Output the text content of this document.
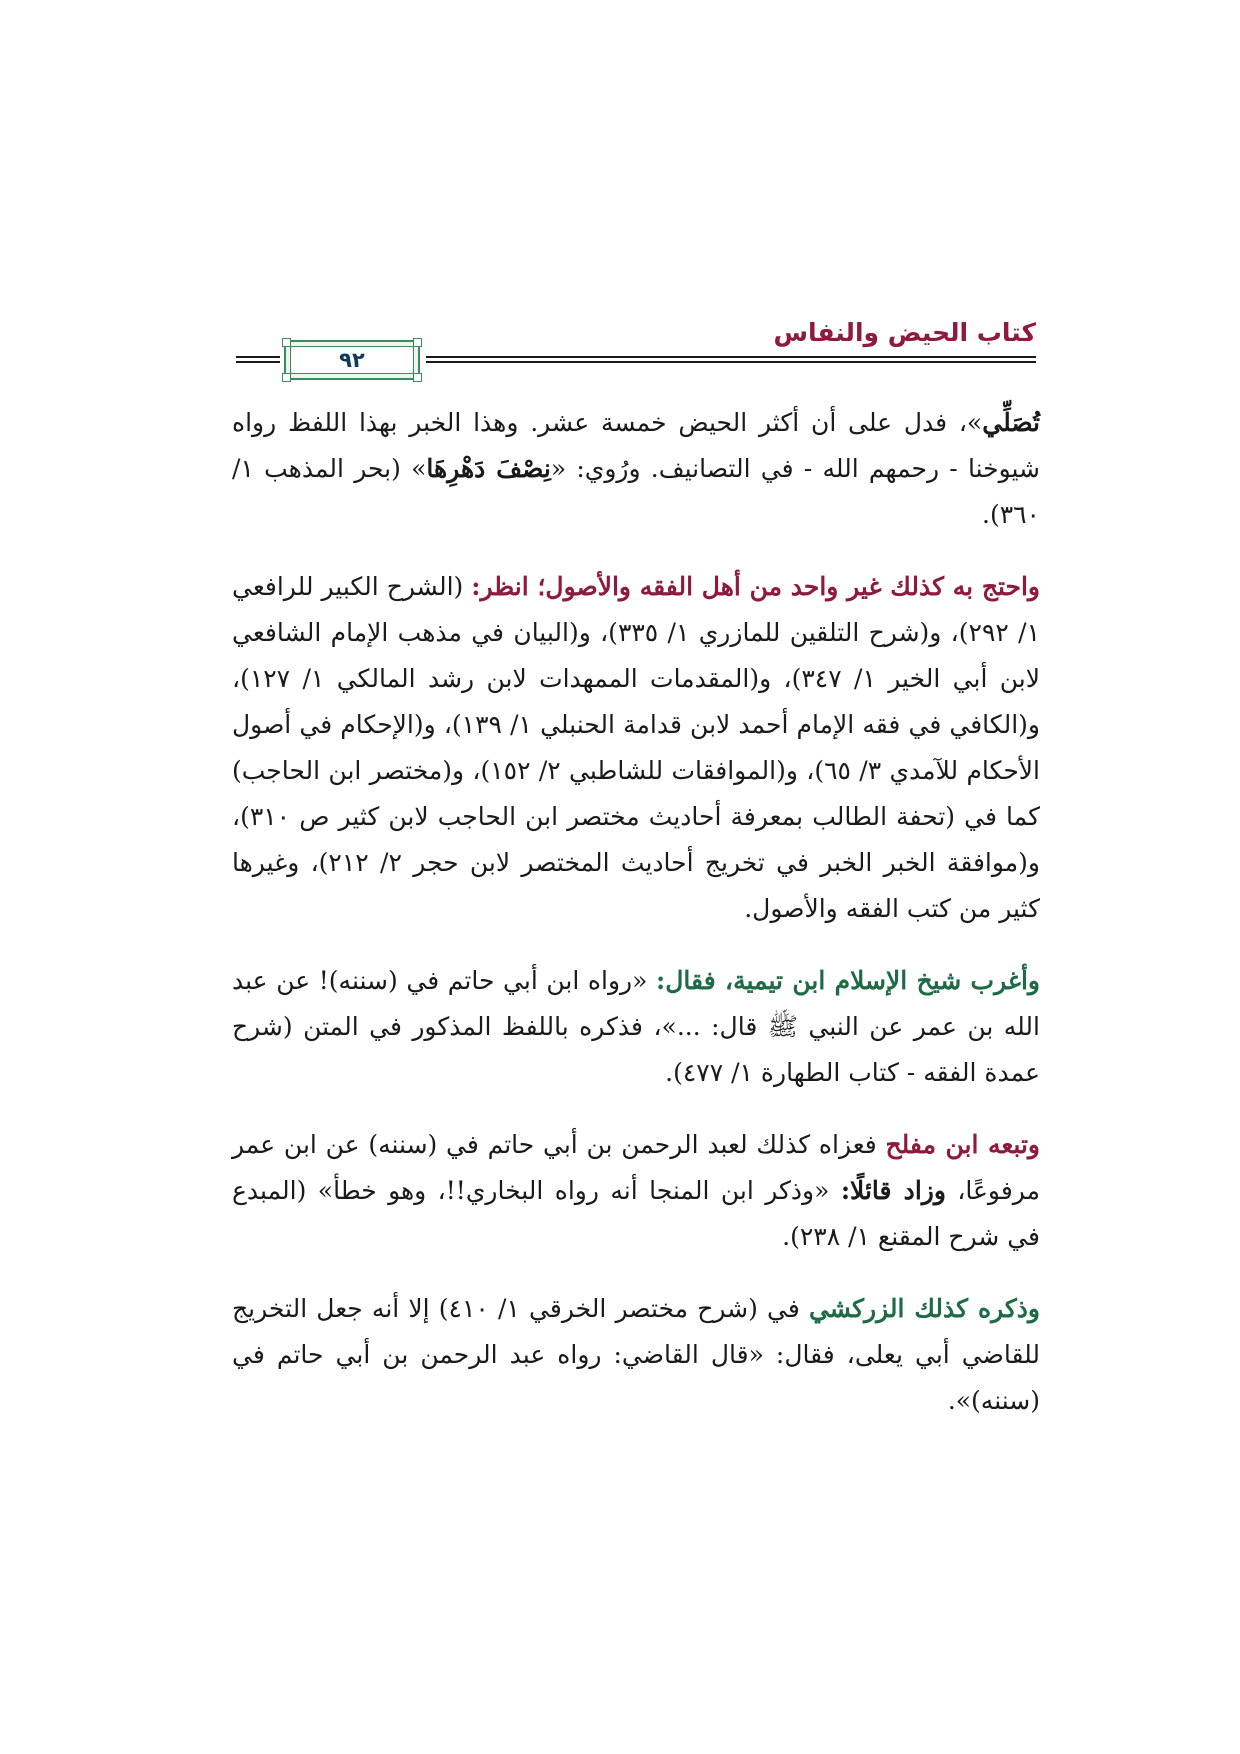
كتاب الحيض والنفاس
٩٢

تُصَلِّي»، فدل على أن أكثر الحيض خمسة عشر. وهذا الخبر بهذا اللفظ رواه شيوخنا - رحمهم الله - في التصانيف. ورُوي: «نِصْفَ دَهْرِهَا» (بحر المذهب ١/ ٣٦٠).

واحتج به كذلك غير واحد من أهل الفقه والأصول؛ انظر: (الشرح الكبير للرافعي ١/ ٢٩٢)، و(شرح التلقين للمازري ١/ ٣٣٥)، و(البيان في مذهب الإمام الشافعي لابن أبي الخير ١/ ٣٤٧)، و(المقدمات الممهدات لابن رشد المالكي ١/ ١٢٧)، و(الكافي في فقه الإمام أحمد لابن قدامة الحنبلي ١/ ١٣٩)، و(الإحكام في أصول الأحكام للآمدي ٣/ ٦٥)، و(الموافقات للشاطبي ٢/ ١٥٢)، و(مختصر ابن الحاجب) كما في (تحفة الطالب بمعرفة أحاديث مختصر ابن الحاجب لابن كثير ص ٣١٠)، و(موافقة الخبر الخبر في تخريج أحاديث المختصر لابن حجر ٢/ ٢١٢)، وغيرها كثير من كتب الفقه والأصول.

وأغرب شيخ الإسلام ابن تيمية، فقال: «رواه ابن أبي حاتم في (سننه)! عن عبد الله بن عمر عن النبي ﷺ قال: ...»، فذكره باللفظ المذكور في المتن (شرح عمدة الفقه - كتاب الطهارة ١/ ٤٧٧).

وتبعه ابن مفلح فعزاه كذلك لعبد الرحمن بن أبي حاتم في (سننه) عن ابن عمر مرفوعًا، وزاد قائلًا: «وذكر ابن المنجا أنه رواه البخاري!!، وهو خطأ» (المبدع في شرح المقنع ١/ ٢٣٨).

وذكره كذلك الزركشي في (شرح مختصر الخرقي ١/ ٤١٠) إلا أنه جعل التخريج للقاضي أبي يعلى، فقال: «قال القاضي: رواه عبد الرحمن بن أبي حاتم في (سننه)».
